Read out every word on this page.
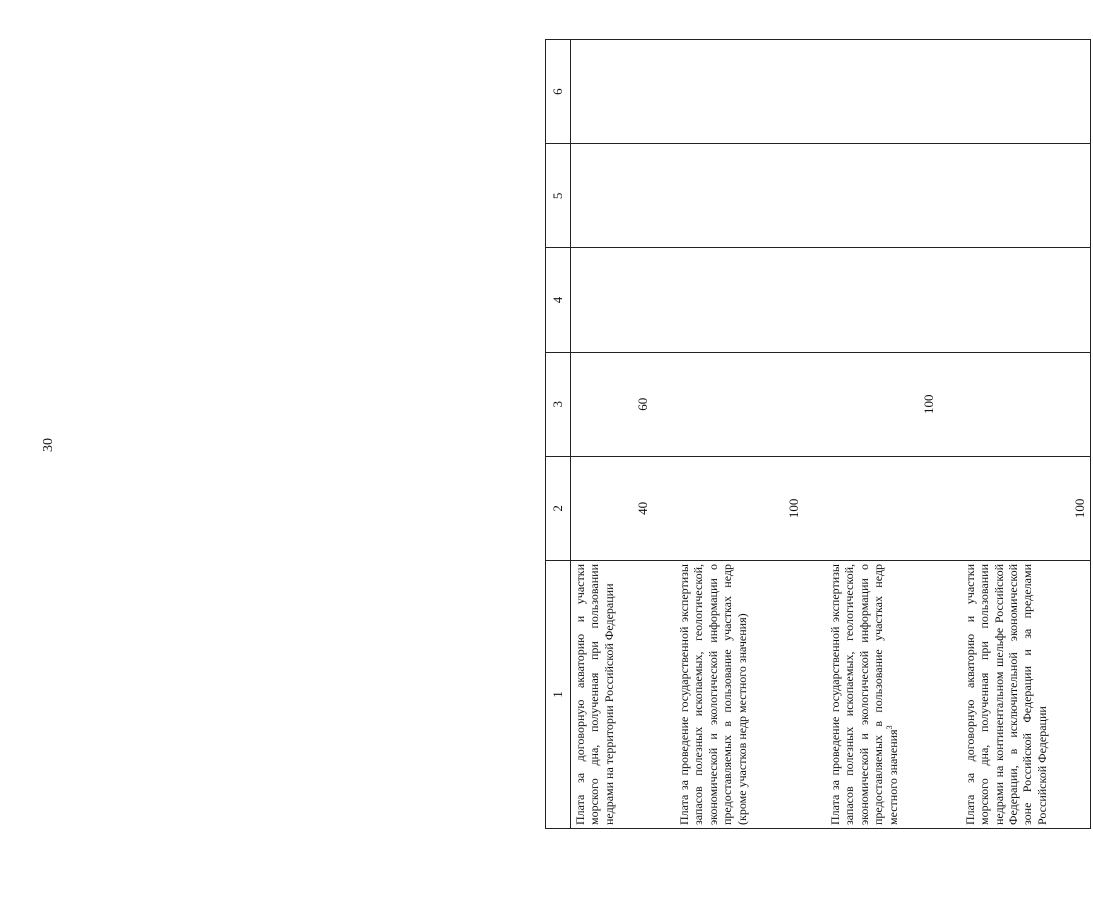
30
1	2	3	4	5	6
Плата за договорную акваторию и участки морского дна, полученная при пользовании недрами на территории Российской Федерации	40	60			

Плата за проведение государственной экспертизы запасов полезных ископаемых, геологической, экономической и экологической информации о предоставляемых в пользование участках недр (кроме участков недр местного значения)	100				

Плата за проведение государственной экспертизы запасов полезных ископаемых, геологической, экономической и экологической информации о предоставляемых в пользование участках недр местного значения$^3$		100			

Плата за договорную акваторию и участки морского дна, полученная при пользовании недрами на континентальном шельфе Российской Федерации, в исключительной экономической зоне Российской Федерации и за пределами Российской Федерации	100				
